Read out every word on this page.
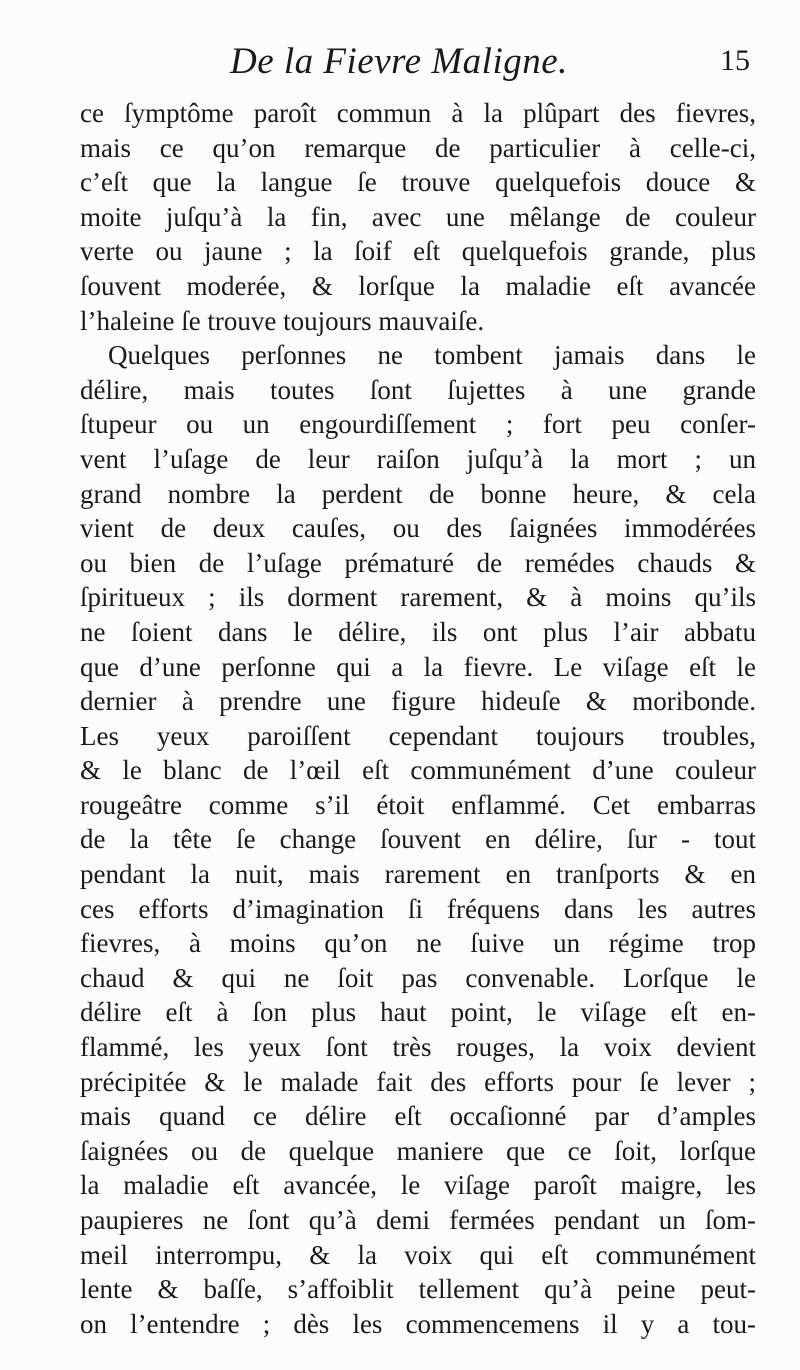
De la Fievre Maligne.	15
ce ſymptôme paroît commun à la plûpart des fievres,
mais ce qu’on remarque de particulier à celle-ci,
c’eſt que la langue ſe trouve quelquefois douce &
moite juſqu’à la fin, avec une mêlange de couleur
verte ou jaune ; la ſoif eſt quelquefois grande, plus
ſouvent moderée, & lorſque la maladie eſt avancée
l’haleine ſe trouve toujours mauvaiſe.
Quelques perſonnes ne tombent jamais dans le
délire, mais toutes ſont ſujettes à une grande
ſtupeur ou un engourdiſſement ; fort peu conſer-
vent l’uſage de leur raiſon juſqu’à la mort ; un
grand nombre la perdent de bonne heure, & cela
vient de deux cauſes, ou des ſaignées immodérées
ou bien de l’uſage prématuré de remédes chauds &
ſpiritueux ; ils dorment rarement, & à moins qu’ils
ne ſoient dans le délire, ils ont plus l’air abbatu
que d’une perſonne qui a la fievre. Le viſage eſt le
dernier à prendre une figure hideuſe & moribonde.
Les yeux paroiſſent cependant toujours troubles,
& le blanc de l’œil eſt communément d’une couleur
rougeâtre comme s’il étoit enflammé. Cet embarras
de la tête ſe change ſouvent en délire, ſur - tout
pendant la nuit, mais rarement en tranſports & en
ces efforts d’imagination ſi fréquens dans les autres
fievres, à moins qu’on ne ſuive un régime trop
chaud & qui ne ſoit pas convenable. Lorſque le
délire eſt à ſon plus haut point, le viſage eſt en-
flammé, les yeux ſont très rouges, la voix devient
précipitée & le malade fait des efforts pour ſe lever ;
mais quand ce délire eſt occaſionné par d’amples
ſaignées ou de quelque maniere que ce ſoit, lorſque
la maladie eſt avancée, le viſage paroît maigre, les
paupieres ne ſont qu’à demi fermées pendant un ſom-
meil interrompu, & la voix qui eſt communément
lente & baſſe, s’affoiblit tellement qu’à peine peut-
on l’entendre ; dès les commencemens il y a tou-
